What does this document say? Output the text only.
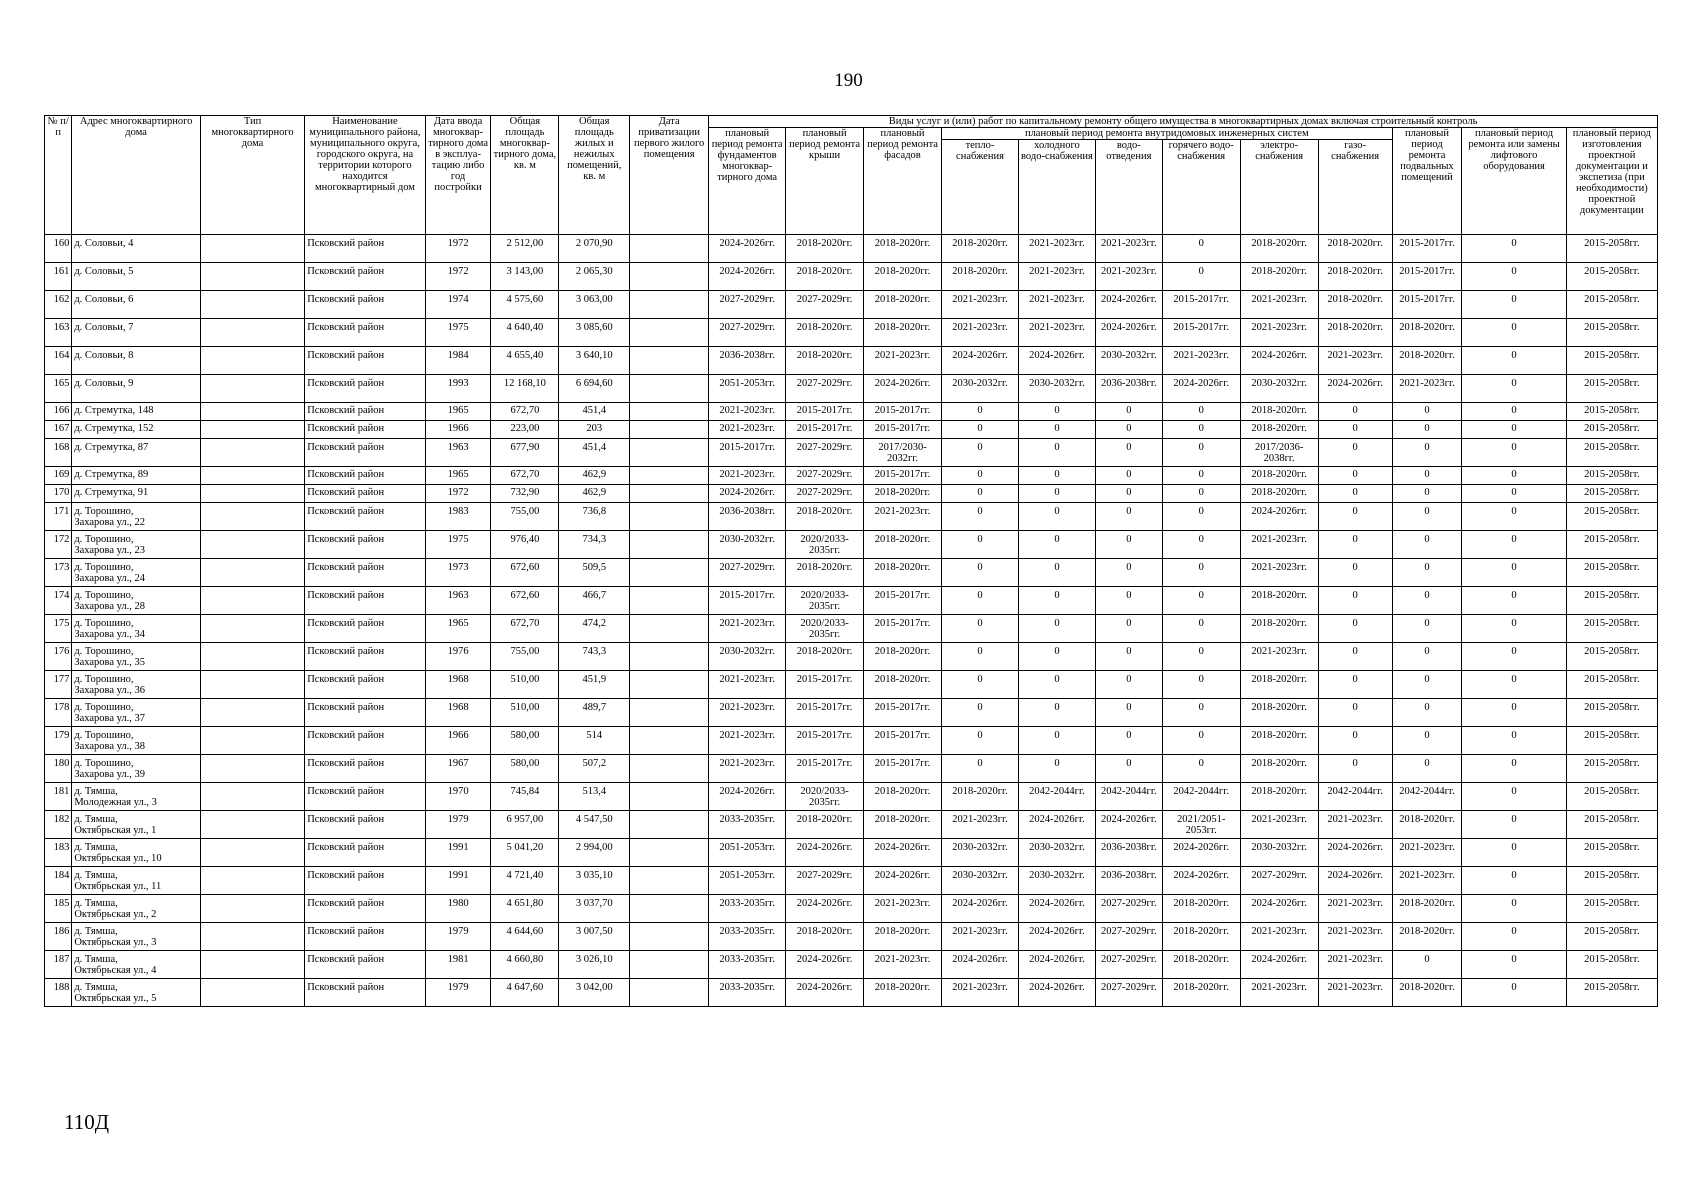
190
№ п/п	Адрес многоквартирного дома	Тип многоквартирного дома	Наименование муниципального района, муниципального округа, городского округа, на территории которого находится многоквартирный дом	Дата ввода многоквар-тирного дома в эксплуа-тацию либо год постройки	Общая площадь многоквар-тирного дома, кв. м	Общая площадь жилых и нежилых помещений, кв. м	Дата приватизации первого жилого помещения	Виды услуг и (или) работ по капитальному ремонту общего имущества в многоквартирных домах включая строительный контроль											
								плановый период ремонта фундаментов многоквар-тирного дома	плановый период ремонта крыши	плановый период ремонта фасадов	плановый период ремонта внутридомовых инженерных систем						плановый период ремонта подвальных помещений	плановый период ремонта или замены лифтового оборудования	плановый период изготовления проектной документации и экспетиза (при необходимости) проектной документации
											тепло-снабжения	холодного водо-снабжения	водо-отведения	горячего водо-снабжения	электро-снабжения	газо-снабжения			
160	д. Соловьи, 4		Псковский район	1972	2 512,00	2 070,90		2024-2026гг.	2018-2020гг.	2018-2020гг.	2018-2020гг.	2021-2023гг.	2021-2023гг.	0	2018-2020гг.	2018-2020гг.	2015-2017гг.	0	2015-2058гг.
161	д. Соловьи, 5		Псковский район	1972	3 143,00	2 065,30		2024-2026гг.	2018-2020гг.	2018-2020гг.	2018-2020гг.	2021-2023гг.	2021-2023гг.	0	2018-2020гг.	2018-2020гг.	2015-2017гг.	0	2015-2058гг.
162	д. Соловьи, 6		Псковский район	1974	4 575,60	3 063,00		2027-2029гг.	2027-2029гг.	2018-2020гг.	2021-2023гг.	2021-2023гг.	2024-2026гг.	2015-2017гг.	2021-2023гг.	2018-2020гг.	2015-2017гг.	0	2015-2058гг.
163	д. Соловьи, 7		Псковский район	1975	4 640,40	3 085,60		2027-2029гг.	2018-2020гг.	2018-2020гг.	2021-2023гг.	2021-2023гг.	2024-2026гг.	2015-2017гг.	2021-2023гг.	2018-2020гг.	2018-2020гг.	0	2015-2058гг.
164	д. Соловьи, 8		Псковский район	1984	4 655,40	3 640,10		2036-2038гг.	2018-2020гг.	2021-2023гг.	2024-2026гг.	2024-2026гг.	2030-2032гг.	2021-2023гг.	2024-2026гг.	2021-2023гг.	2018-2020гг.	0	2015-2058гг.
165	д. Соловьи, 9		Псковский район	1993	12 168,10	6 694,60		2051-2053гг.	2027-2029гг.	2024-2026гг.	2030-2032гг.	2030-2032гг.	2036-2038гг.	2024-2026гг.	2030-2032гг.	2024-2026гг.	2021-2023гг.	0	2015-2058гг.
166	д. Стремутка, 148		Псковский район	1965	672,70	451,4		2021-2023гг.	2015-2017гг.	2015-2017гг.	0	0	0	0	2018-2020гг.	0	0	0	2015-2058гг.
167	д. Стремутка, 152		Псковский район	1966	223,00	203		2021-2023гг.	2015-2017гг.	2015-2017гг.	0	0	0	0	2018-2020гг.	0	0	0	2015-2058гг.
168	д. Стремутка, 87		Псковский район	1963	677,90	451,4		2015-2017гг.	2027-2029гг.	2017/2030-2032гг.	0	0	0	0	2017/2036-2038гг.	0	0	0	2015-2058гг.
169	д. Стремутка, 89		Псковский район	1965	672,70	462,9		2021-2023гг.	2027-2029гг.	2015-2017гг.	0	0	0	0	2018-2020гг.	0	0	0	2015-2058гг.
170	д. Стремутка, 91		Псковский район	1972	732,90	462,9		2024-2026гг.	2027-2029гг.	2018-2020гг.	0	0	0	0	2018-2020гг.	0	0	0	2015-2058гг.
171	д. Торошино,
Захарова ул., 22		Псковский район	1983	755,00	736,8		2036-2038гг.	2018-2020гг.	2021-2023гг.	0	0	0	0	2024-2026гг.	0	0	0	2015-2058гг.
172	д. Торошино,
Захарова ул., 23		Псковский район	1975	976,40	734,3		2030-2032гг.	2020/2033-2035гг.	2018-2020гг.	0	0	0	0	2021-2023гг.	0	0	0	2015-2058гг.
173	д. Торошино,
Захарова ул., 24		Псковский район	1973	672,60	509,5		2027-2029гг.	2018-2020гг.	2018-2020гг.	0	0	0	0	2021-2023гг.	0	0	0	2015-2058гг.
174	д. Торошино,
Захарова ул., 28		Псковский район	1963	672,60	466,7		2015-2017гг.	2020/2033-2035гг.	2015-2017гг.	0	0	0	0	2018-2020гг.	0	0	0	2015-2058гг.
175	д. Торошино,
Захарова ул., 34		Псковский район	1965	672,70	474,2		2021-2023гг.	2020/2033-2035гг.	2015-2017гг.	0	0	0	0	2018-2020гг.	0	0	0	2015-2058гг.
176	д. Торошино,
Захарова ул., 35		Псковский район	1976	755,00	743,3		2030-2032гг.	2018-2020гг.	2018-2020гг.	0	0	0	0	2021-2023гг.	0	0	0	2015-2058гг.
177	д. Торошино,
Захарова ул., 36		Псковский район	1968	510,00	451,9		2021-2023гг.	2015-2017гг.	2018-2020гг.	0	0	0	0	2018-2020гг.	0	0	0	2015-2058гг.
178	д. Торошино,
Захарова ул., 37		Псковский район	1968	510,00	489,7		2021-2023гг.	2015-2017гг.	2015-2017гг.	0	0	0	0	2018-2020гг.	0	0	0	2015-2058гг.
179	д. Торошино,
Захарова ул., 38		Псковский район	1966	580,00	514		2021-2023гг.	2015-2017гг.	2015-2017гг.	0	0	0	0	2018-2020гг.	0	0	0	2015-2058гг.
180	д. Торошино,
Захарова ул., 39		Псковский район	1967	580,00	507,2		2021-2023гг.	2015-2017гг.	2015-2017гг.	0	0	0	0	2018-2020гг.	0	0	0	2015-2058гг.
181	д. Тямша,
Молодежная ул., 3		Псковский район	1970	745,84	513,4		2024-2026гг.	2020/2033-2035гг.	2018-2020гг.	2018-2020гг.	2042-2044гг.	2042-2044гг.	2042-2044гг.	2018-2020гг.	2042-2044гг.	2042-2044гг.	0	2015-2058гг.
182	д. Тямша,
Октябрьская ул., 1		Псковский район	1979	6 957,00	4 547,50		2033-2035гг.	2018-2020гг.	2018-2020гг.	2021-2023гг.	2024-2026гг.	2024-2026гг.	2021/2051-2053гг.	2021-2023гг.	2021-2023гг.	2018-2020гг.	0	2015-2058гг.
183	д. Тямша,
Октябрьская ул., 10		Псковский район	1991	5 041,20	2 994,00		2051-2053гг.	2024-2026гг.	2024-2026гг.	2030-2032гг.	2030-2032гг.	2036-2038гг.	2024-2026гг.	2030-2032гг.	2024-2026гг.	2021-2023гг.	0	2015-2058гг.
184	д. Тямша,
Октябрьская ул., 11		Псковский район	1991	4 721,40	3 035,10		2051-2053гг.	2027-2029гг.	2024-2026гг.	2030-2032гг.	2030-2032гг.	2036-2038гг.	2024-2026гг.	2027-2029гг.	2024-2026гг.	2021-2023гг.	0	2015-2058гг.
185	д. Тямша,
Октябрьская ул., 2		Псковский район	1980	4 651,80	3 037,70		2033-2035гг.	2024-2026гг.	2021-2023гг.	2024-2026гг.	2024-2026гг.	2027-2029гг.	2018-2020гг.	2024-2026гг.	2021-2023гг.	2018-2020гг.	0	2015-2058гг.
186	д. Тямша,
Октябрьская ул., 3		Псковский район	1979	4 644,60	3 007,50		2033-2035гг.	2018-2020гг.	2018-2020гг.	2021-2023гг.	2024-2026гг.	2027-2029гг.	2018-2020гг.	2021-2023гг.	2021-2023гг.	2018-2020гг.	0	2015-2058гг.
187	д. Тямша,
Октябрьская ул., 4		Псковский район	1981	4 660,80	3 026,10		2033-2035гг.	2024-2026гг.	2021-2023гг.	2024-2026гг.	2024-2026гг.	2027-2029гг.	2018-2020гг.	2024-2026гг.	2021-2023гг.	0	0	2015-2058гг.
188	д. Тямша,
Октябрьская ул., 5		Псковский район	1979	4 647,60	3 042,00		2033-2035гг.	2024-2026гг.	2018-2020гг.	2021-2023гг.	2024-2026гг.	2027-2029гг.	2018-2020гг.	2021-2023гг.	2021-2023гг.	2018-2020гг.	0	2015-2058гг.
110Д
